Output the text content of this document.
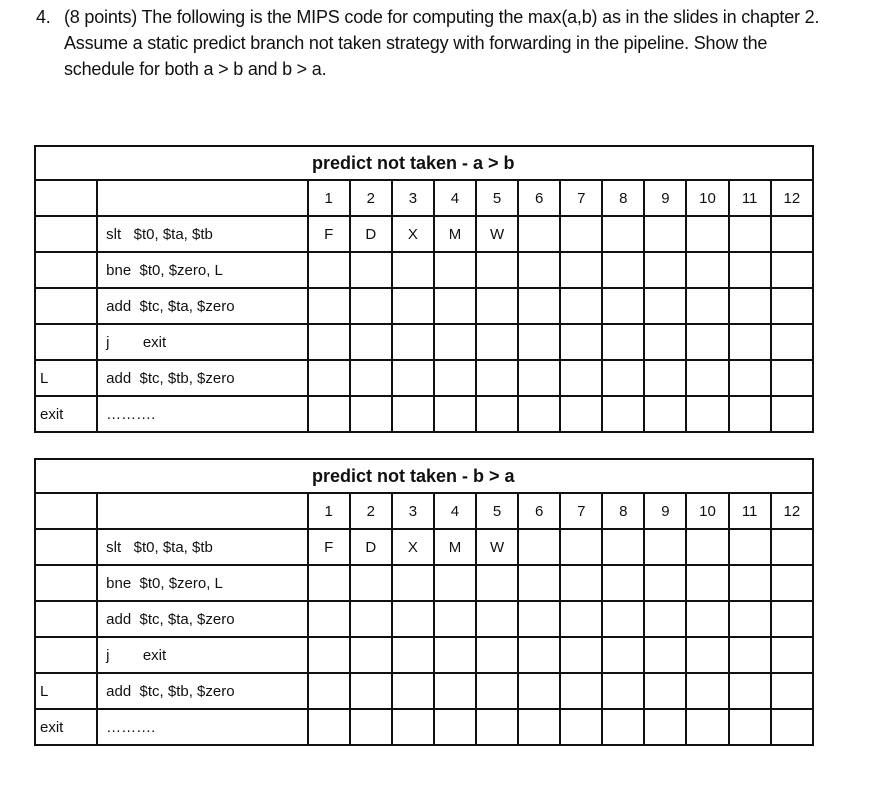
4. (8 points) The following is the MIPS code for computing the max(a,b) as in the slides in chapter 2. Assume a static predict branch not taken strategy with forwarding in the pipeline. Show the schedule for both a > b and b > a.
predict not taken - a > b													
		1	2	3	4	5	6	7	8	9	10	11	12
	slt   $t0, $ta, $tb	F	D	X	M	W							
	bne  $t0, $zero, L												
	add  $tc, $ta, $zero												
	j        exit												
L	add  $tc, $tb, $zero												
exit	……….												
predict not taken - b > a													
		1	2	3	4	5	6	7	8	9	10	11	12
	slt   $t0, $ta, $tb	F	D	X	M	W							
	bne  $t0, $zero, L												
	add  $tc, $ta, $zero												
	j        exit												
L	add  $tc, $tb, $zero												
exit	……….												
